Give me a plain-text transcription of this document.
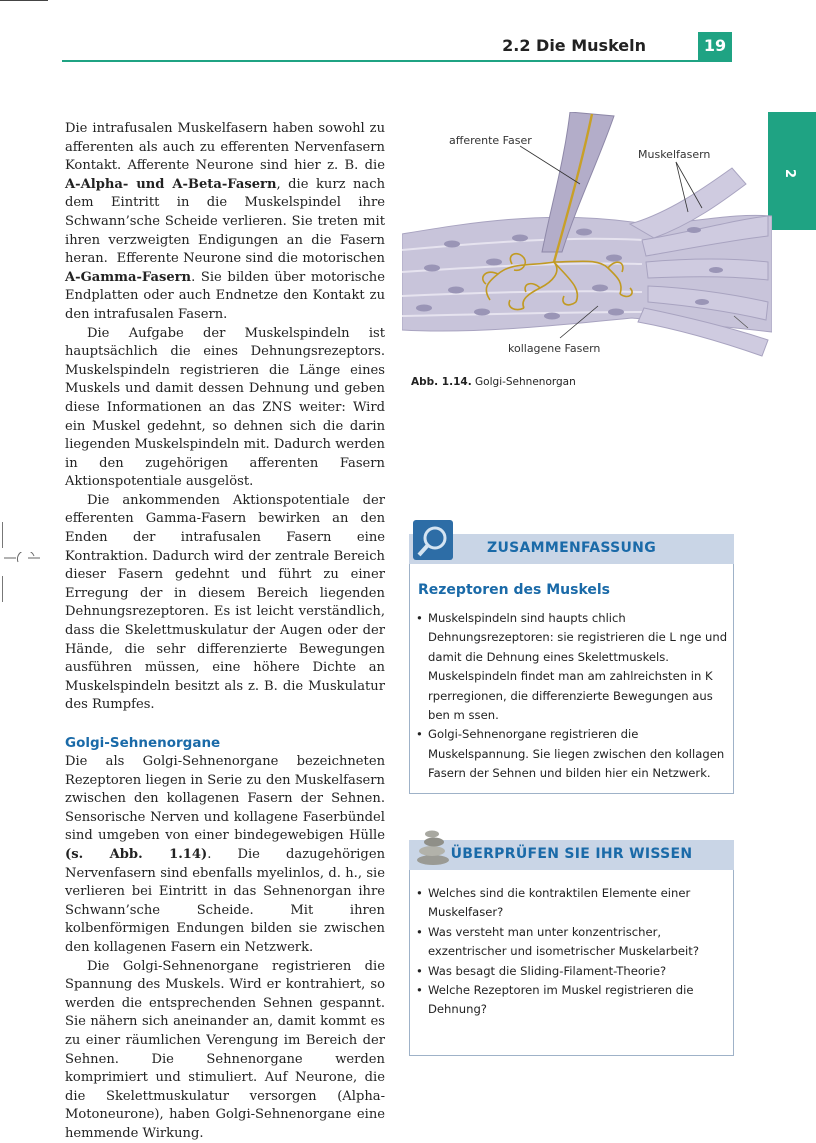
2.2 Die Muskeln	19
2

Die intrafusalen Muskelfasern haben sowohl zu afferenten als auch zu efferenten Nervenfasern Kontakt. Afferente Neurone sind hier z. B. die A-Alpha- und A-Beta-Fasern, die kurz nach dem Eintritt in die Muskelspindel ihre Schwann’sche Scheide verlieren. Sie treten mit ihren verzweigten Endigungen an die Fasern heran.  Efferente Neurone sind die motorischen A-Gamma-Fasern. Sie bilden über motorische Endplatten oder auch Endnetze den Kontakt zu den intrafusalen Fasern.

Die Aufgabe der Muskelspindeln ist hauptsächlich die eines Dehnungsrezeptors. Muskelspindeln registrieren die Länge eines Muskels und damit dessen Dehnung und geben diese Informationen an das ZNS weiter: Wird ein Muskel gedehnt, so dehnen sich die darin liegenden Muskelspindeln mit. Dadurch werden in den zugehörigen afferenten Fasern Aktionspotentiale ausgelöst.

Die ankommenden Aktionspotentiale der efferenten Gamma-Fasern bewirken an den Enden der intrafusalen Fasern eine Kontraktion. Dadurch wird der zentrale Bereich dieser Fasern gedehnt und führt zu einer Erregung der in diesem Bereich liegenden Dehnungsrezeptoren. Es ist leicht verständlich, dass die Skelettmuskulatur der Augen oder der Hände, die sehr differenzierte Bewegungen ausführen müssen, eine höhere Dichte an Muskelspindeln besitzt als z. B. die Muskulatur des Rumpfes.

Golgi-Sehnenorgane

Die als Golgi-Sehnenorgane bezeichneten Rezeptoren liegen in Serie zu den Muskelfasern zwischen den kollagenen Fasern der Sehnen. Sensorische Nerven und kollagene Faserbündel sind umgeben von einer bindegewebigen Hülle (s. Abb. 1.14). Die dazugehörigen Nervenfasern sind ebenfalls myelinlos, d. h., sie verlieren bei Eintritt in das Sehnenorgan ihre Schwann’sche Scheide. Mit ihren kolbenförmigen Endungen bilden sie zwischen den kollagenen Fasern ein Netzwerk.

Die Golgi-Sehnenorgane registrieren die Spannung des Muskels. Wird er kontrahiert, so werden die entsprechenden Sehnen gespannt. Sie nähern sich aneinander an, damit kommt es zu einer räumlichen Verengung im Bereich der Sehnen. Die Sehnenorgane werden komprimiert und stimuliert. Auf Neurone, die die Skelettmuskulatur versorgen (Alpha-Motoneurone), haben Golgi-Sehnenorgane eine hemmende Wirkung.

afferente Faser
Muskelfasern
kollagene Fasern
Abb. 1.14. Golgi-Sehnenorgan
ZUSAMMENFASSUNG
Rezeptoren des Muskels
• Muskelspindeln sind haupts chlich Dehnungsrezeptoren: sie registrieren die L nge und damit die Dehnung eines Skelettmuskels. Muskelspindeln findet man am zahlreichsten in K rperregionen, die differenzierte Bewegungen aus ben m ssen.
• Golgi-Sehnenorgane registrieren die Muskelspannung. Sie liegen zwischen den kollagen Fasern der Sehnen und bilden hier ein Netzwerk.
ÜBERPRÜFEN SIE IHR WISSEN
• Welches sind die kontraktilen Elemente einer Muskelfaser?
• Was versteht man unter konzentrischer, exzentrischer und isometrischer Muskelarbeit?
• Was besagt die Sliding-Filament-Theorie?
• Welche Rezeptoren im Muskel registrieren die Dehnung?
